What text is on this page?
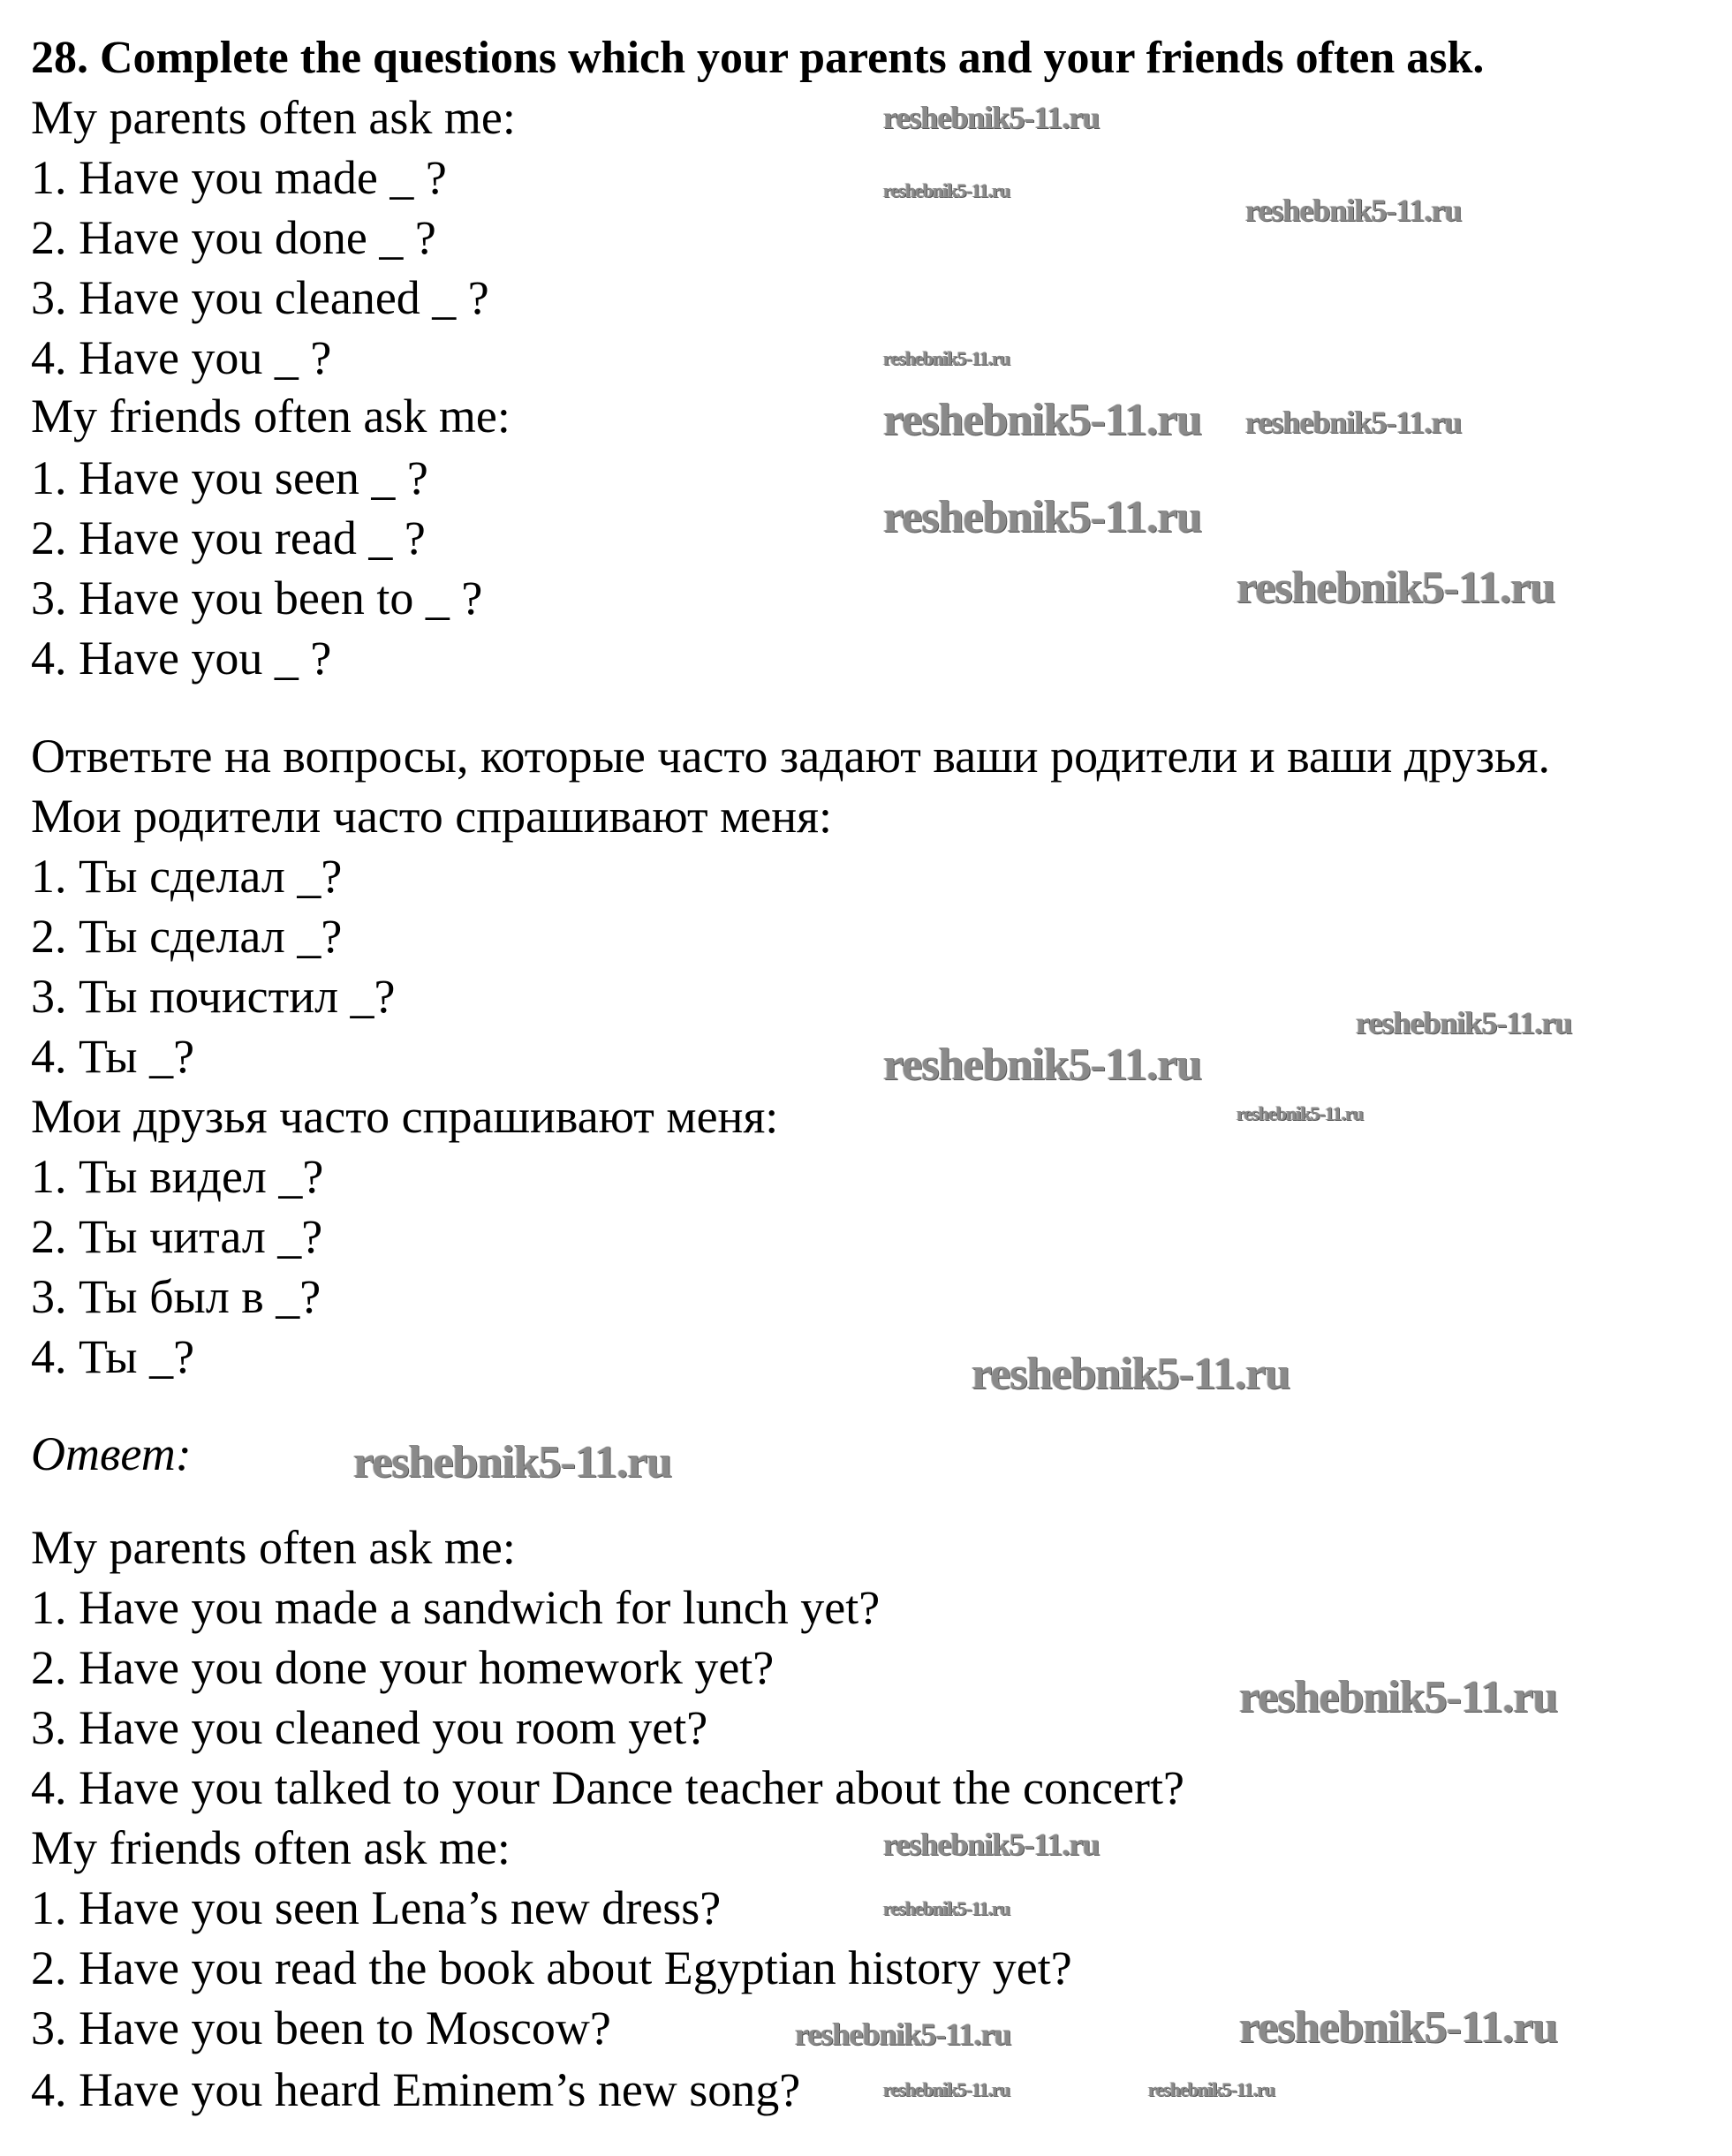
28. Complete the questions which your parents and your friends often ask.
My parents often ask me:
1. Have you made _ ?
2. Have you done _ ?
3. Have you cleaned _ ?
4. Have you _ ?
My friends often ask me:
1. Have you seen _ ?
2. Have you read _ ?
3. Have you been to _ ?
4. Have you _ ?
Ответьте на вопросы, которые часто задают ваши родители и ваши друзья.
Мои родители часто спрашивают меня:
1. Ты сделал _?
2. Ты сделал _?
3. Ты почистил _?
4. Ты _?
Мои друзья часто спрашивают меня:
1. Ты видел _?
2. Ты читал _?
3. Ты был в _?
4. Ты _?
Ответ:
My parents often ask me:
1. Have you made a sandwich for lunch yet?
2. Have you done your homework yet?
3. Have you cleaned you room yet?
4. Have you talked to your Dance teacher about the concert?
My friends often ask me:
1. Have you seen Lena’s new dress?
2. Have you read the book about Egyptian history yet?
3. Have you been to Moscow?
4. Have you heard Eminem’s new song?
reshebnik5-11.ru
reshebnik5-11.ru
reshebnik5-11.ru
reshebnik5-11.ru
reshebnik5-11.ru reshebnik5-11.ru
reshebnik5-11.ru
reshebnik5-11.ru
reshebnik5-11.ru
reshebnik5-11.ru
reshebnik5-11.ru
reshebnik5-11.ru
reshebnik5-11.ru
reshebnik5-11.ru
reshebnik5-11.ru
reshebnik5-11.ru
reshebnik5-11.ru
reshebnik5-11.ru
reshebnik5-11.ru	reshebnik5-11.ru
